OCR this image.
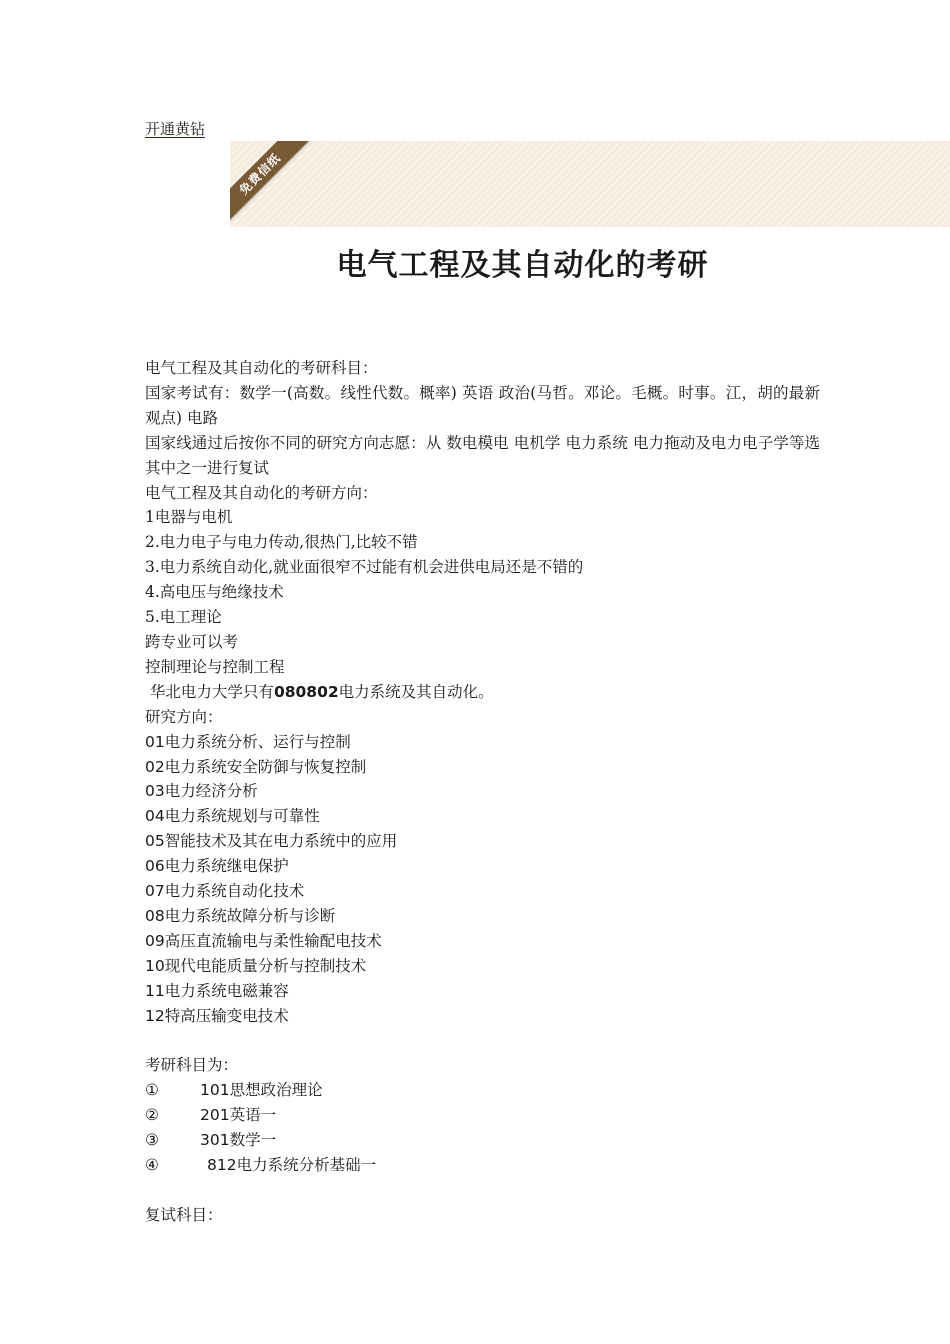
开通黄钻
免费信纸
电气工程及其自动化的考研
电气工程及其自动化的考研科目：
国家考试有：数学一(高数。线性代数。概率) 英语 政治(马哲。邓论。毛概。时事。江，胡的最新观点) 电路
国家线通过后按你不同的研究方向志愿：从 数电模电 电机学 电力系统 电力拖动及电力电子学等选其中之一进行复试
电气工程及其自动化的考研方向：
1电器与电机
2.电力电子与电力传动,很热门,比较不错
3.电力系统自动化,就业面很窄不过能有机会进供电局还是不错的
4.高电压与绝缘技术
5.电工理论
跨专业可以考
控制理论与控制工程
华北电力大学只有080802电力系统及其自动化。
研究方向：
01电力系统分析、运行与控制
02电力系统安全防御与恢复控制
03电力经济分析
04电力系统规划与可靠性
05智能技术及其在电力系统中的应用
06电力系统继电保护
07电力系统自动化技术
08电力系统故障分析与诊断
09高压直流输电与柔性输配电技术
10现代电能质量分析与控制技术
11电力系统电磁兼容
12特高压输变电技术
考研科目为：
①	101思想政治理论
②	201英语一
③	301数学一
④	812电力系统分析基础一
复试科目：
